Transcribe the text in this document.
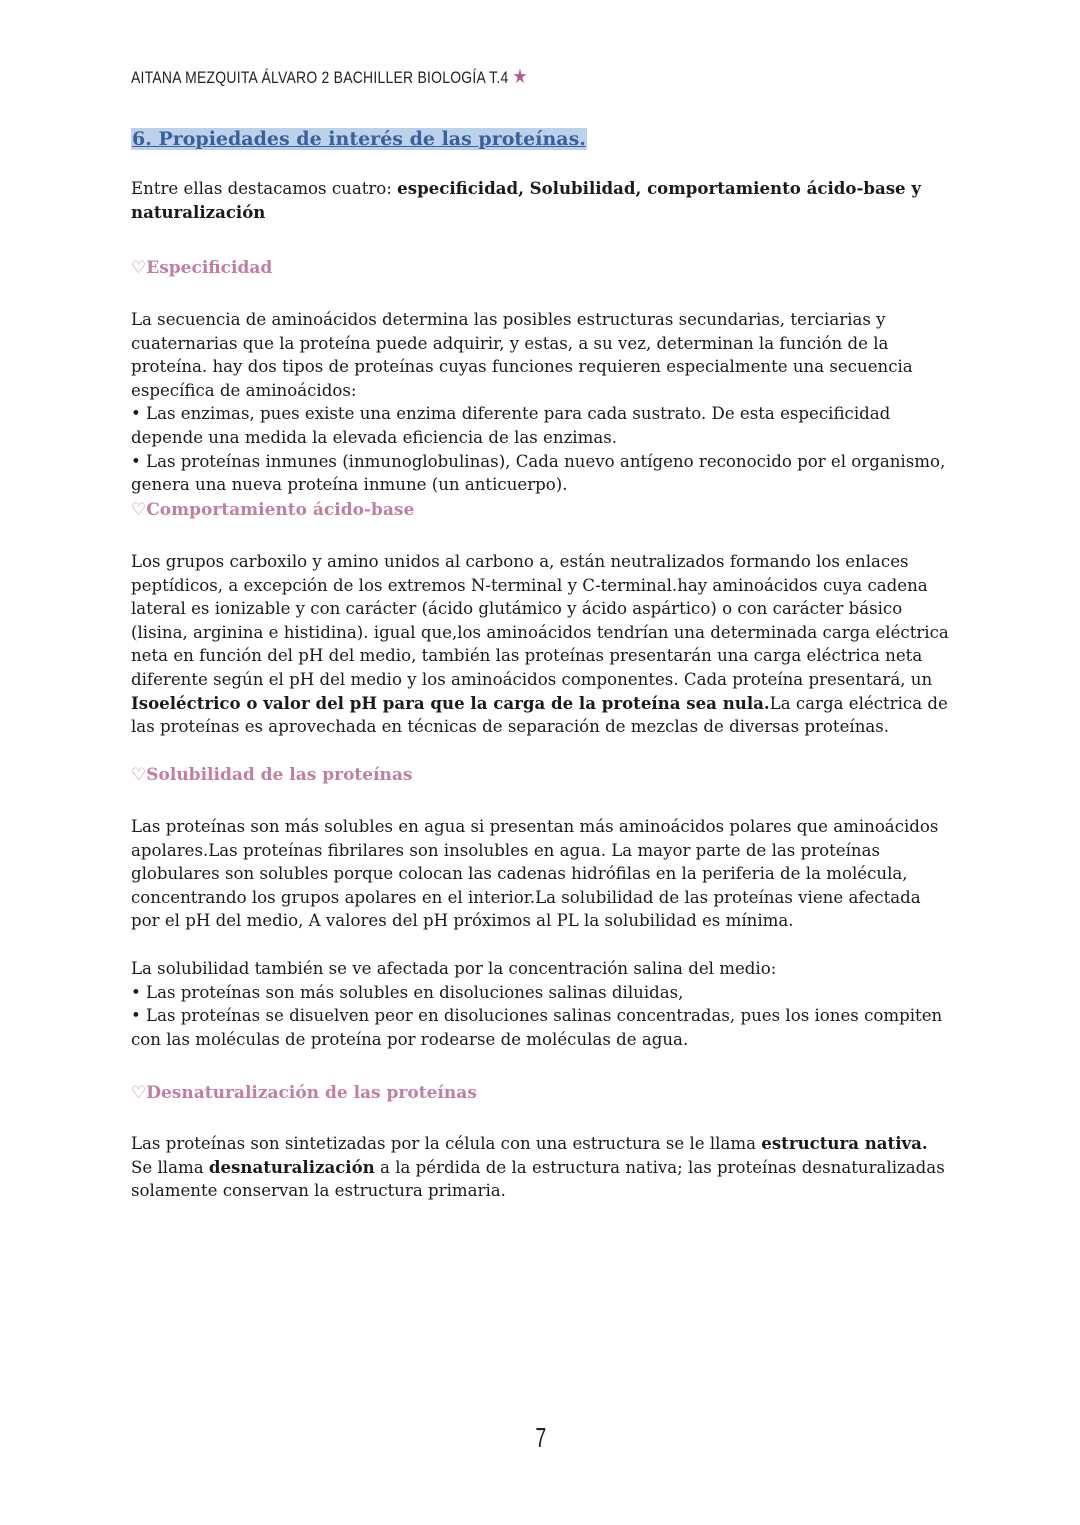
AITANA MEZQUITA ÁLVARO 2 BACHILLER BIOLOGÍA T.4 ★
6. Propiedades de interés de las proteínas.

Entre ellas destacamos cuatro: especificidad, Solubilidad, comportamiento ácido-base y naturalización

♡Especificidad
La secuencia de aminoácidos determina las posibles estructuras secundarias, terciarias y cuaternarias que la proteína puede adquirir, y estas, a su vez, determinan la función de la proteína. hay dos tipos de proteínas cuyas funciones requieren especialmente una secuencia específica de aminoácidos:
• Las enzimas, pues existe una enzima diferente para cada sustrato. De esta especificidad depende una medida la elevada eficiencia de las enzimas.
• Las proteínas inmunes (inmunoglobulinas), Cada nuevo antígeno reconocido por el organismo, genera una nueva proteína inmune (un anticuerpo).
♡Comportamiento ácido-base

Los grupos carboxilo y amino unidos al carbono a, están neutralizados formando los enlaces peptídicos, a excepción de los extremos N-terminal y C-terminal.hay aminoácidos cuya cadena lateral es ionizable y con carácter (ácido glutámico y ácido aspártico) o con carácter básico (lisina, arginina e histidina). igual que,los aminoácidos tendrían una determinada carga eléctrica neta en función del pH del medio, también las proteínas presentarán una carga eléctrica neta diferente según el pH del medio y los aminoácidos componentes. Cada proteína presentará, un Isoeléctrico o valor del pH para que la carga de la proteína sea nula.La carga eléctrica de las proteínas es aprovechada en técnicas de separación de mezclas de diversas proteínas.

♡Solubilidad de las proteínas

Las proteínas son más solubles en agua si presentan más aminoácidos polares que aminoácidos apolares.Las proteínas fibrilares son insolubles en agua. La mayor parte de las proteínas globulares son solubles porque colocan las cadenas hidrófilas en la periferia de la molécula, concentrando los grupos apolares en el interior.La solubilidad de las proteínas viene afectada por el pH del medio, A valores del pH próximos al PL la solubilidad es mínima.

La solubilidad también se ve afectada por la concentración salina del medio:
• Las proteínas son más solubles en disoluciones salinas diluidas,
• Las proteínas se disuelven peor en disoluciones salinas concentradas, pues los iones compiten con las moléculas de proteína por rodearse de moléculas de agua.
♡Desnaturalización de las proteínas
Las proteínas son sintetizadas por la célula con una estructura se le llama estructura nativa.
Se llama desnaturalización a la pérdida de la estructura nativa; las proteínas desnaturalizadas solamente conservan la estructura primaria.
7
